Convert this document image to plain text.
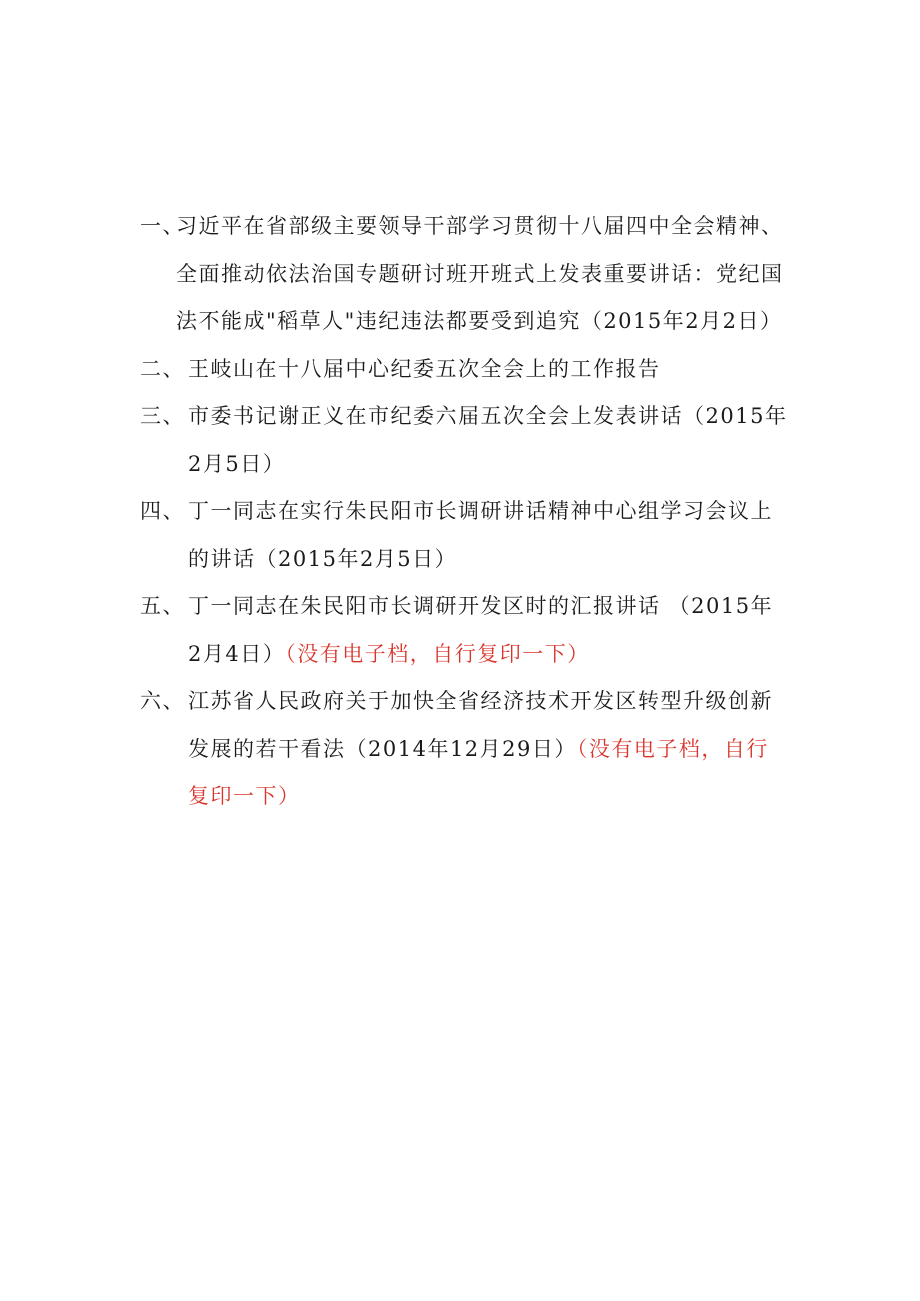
一、
习近平在省部级主要领导干部学习贯彻十八届四中全会精神、全面推动依法治国专题研讨班开班式上发表重要讲话：党纪国法不能成"稻草人"违纪违法都要受到追究（2015年2月2日）
二、 王岐山在十八届中心纪委五次全会上的工作报告
三、 市委书记谢正义在市纪委六届五次全会上发表讲话（2015年2月5日）
四、 丁一同志在实行朱民阳市长调研讲话精神中心组学习会议上的讲话（2015年2月5日）
五、 丁一同志在朱民阳市长调研开发区时的汇报讲话 （2015年2月4日）（没有电子档，自行复印一下）
六、 江苏省人民政府关于加快全省经济技术开发区转型升级创新发展的若干看法（2014年12月29日）（没有电子档，自行复印一下）
